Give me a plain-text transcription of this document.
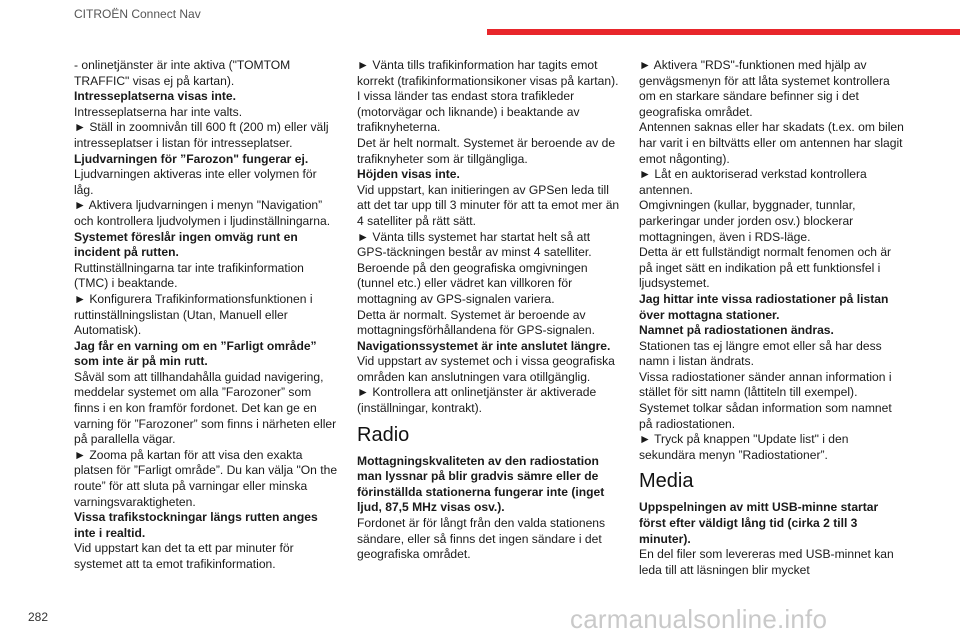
CITROËN Connect Nav

- onlinetjänster är inte aktiva ("TOMTOM TRAFFIC" visas ej på kartan).

Intresseplatserna visas inte.

Intresseplatserna har inte valts.

► Ställ in zoomnivån till 600 ft (200 m) eller välj intresseplatser i listan för intresseplatser.

Ljudvarningen för ”Farozon" fungerar ej.

Ljudvarningen aktiveras inte eller volymen för låg.

► Aktivera ljudvarningen i menyn "Navigation” och kontrollera ljudvolymen i ljudinställningarna.

Systemet föreslår ingen omväg runt en incident på rutten.

Ruttinställningarna tar inte trafikinformation (TMC) i beaktande.

► Konfigurera Trafikinformationsfunktionen i ruttinställningslistan (Utan, Manuell eller Automatisk).

Jag får en varning om en ”Farligt område” som inte är på min rutt.

Såväl som att tillhandahålla guidad navigering, meddelar systemet om alla ”Farozoner” som finns i en kon framför fordonet. Det kan ge en varning för ”Farozoner” som finns i närheten eller på parallella vägar.

► Zooma på kartan för att visa den exakta platsen för ”Farligt område”. Du kan välja "On the route” för att sluta på varningar eller minska varningsvaraktigheten.

Vissa trafikstockningar längs rutten anges inte i realtid.

Vid uppstart kan det ta ett par minuter för systemet att ta emot trafikinformation.

► Vänta tills trafikinformation har tagits emot korrekt (trafikinformationsikoner visas på kartan).

I vissa länder tas endast stora trafikleder (motorvägar och liknande) i beaktande av trafiknyheterna.

Det är helt normalt. Systemet är beroende av de trafiknyheter som är tillgängliga.

Höjden visas inte.

Vid uppstart, kan initieringen av GPSen leda till att det tar upp till 3 minuter för att ta emot mer än 4 satelliter på rätt sätt.

► Vänta tills systemet har startat helt så att GPS-täckningen består av minst 4 satelliter.

Beroende på den geografiska omgivningen (tunnel etc.) eller vädret kan villkoren för mottagning av GPS-signalen variera.

Detta är normalt. Systemet är beroende av mottagningsförhållandena för GPS-signalen.

Navigationssystemet är inte anslutet längre.

Vid uppstart av systemet och i vissa geografiska områden kan anslutningen vara otillgänglig.

► Kontrollera att onlinetjänster är aktiverade (inställningar, kontrakt).

Radio

Mottagningskvaliteten av den radiostation man lyssnar på blir gradvis sämre eller de förinställda stationerna fungerar inte (inget ljud, 87,5 MHz visas osv.).

Fordonet är för långt från den valda stationens sändare, eller så finns det ingen sändare i det geografiska området.

► Aktivera "RDS"-funktionen med hjälp av genvägsmenyn för att låta systemet kontrollera om en starkare sändare befinner sig i det geografiska området.

Antennen saknas eller har skadats (t.ex. om bilen har varit i en biltvätts eller om antennen har slagit emot någonting).

► Låt en auktoriserad verkstad kontrollera antennen.

Omgivningen (kullar, byggnader, tunnlar, parkeringar under jorden osv.) blockerar mottagningen, även i RDS-läge.

Detta är ett fullständigt normalt fenomen och är på inget sätt en indikation på ett funktionsfel i ljudsystemet.

Jag hittar inte vissa radiostationer på listan över mottagna stationer.

Namnet på radiostationen ändras.

Stationen tas ej längre emot eller så har dess namn i listan ändrats.

Vissa radiostationer sänder annan information i stället för sitt namn (låttiteln till exempel).

Systemet tolkar sådan information som namnet på radiostationen.

► Tryck på knappen "Update list" i den sekundära menyn ”Radiostationer”.

Media

Uppspelningen av mitt USB-minne startar först efter väldigt lång tid (cirka 2 till 3 minuter).

En del filer som levereras med USB-minnet kan leda till att läsningen blir mycket

282	carmanualsonline.info
